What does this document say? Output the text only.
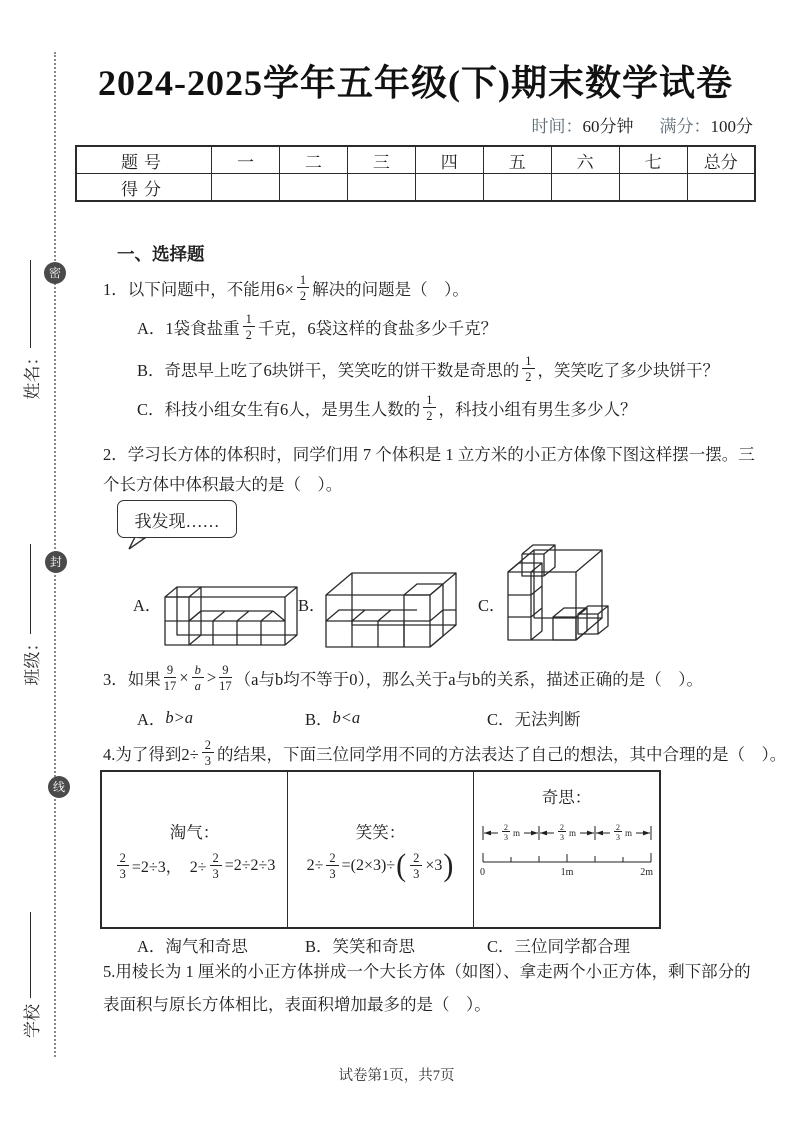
姓名：
班级：
学校
密
封
线
2024-2025学年五年级(下)期末数学试卷
时间：60分钟 满分：100分
题号	一	二	三	四	五	六	七	总分
得分								
一、选择题
1．以下问题中，不能用$6\times \frac{1}{2}$ 解决的问题是（　）。
A．1袋食盐重 1
2 千克，6袋这样的食盐多少千克？
B．奇思早上吃了6块饼干，笑笑吃的饼干数是奇思的 1
2 ，笑笑吃了多少块饼干？
C．科技小组女生有6人，是男生人数的 1
2 ，科技小组有男生多少人？
2．学习长方体的体积时，同学们用 7 个体积是 1 立方米的小正方体像下图这样摆一摆。三
个长方体中体积最大的是（　）。
我发现……
A．	B．	C．
3．如果 $\frac{9}{17} \times \frac{b}{a} > 9$
17 （a与b均不等于0），那么关于a与b的关系，描述正确的是（　）。
A． b>a	B． b<a	C． 无法判断
4.为了得到$2\div \frac{2}{3}$ 的结果，下面三位同学用不同的方法表达了自己的想法，其中合理的是（　）。
淘气：
$\frac{2}{3} =2\div 3$，　$2\div \frac{2}{3} =2\div 2\div 3$
笑笑：
$2\div \frac{2}{3} =(2\times 3)\div$ ( $\frac{2}{3} \times 3$ )
奇思：
2
3 m
2
3 m
2
3 m
0	1m	2m
A．淘气和奇思	B．笑笑和奇思	C．三位同学都合理
5.用棱长为 1 厘米的小正方体拼成一个大长方体（如图）、拿走两个小正方体，剩下部分的
表面积与原长方体相比，表面积增加最多的是（　）。
试卷第1页，共7页
